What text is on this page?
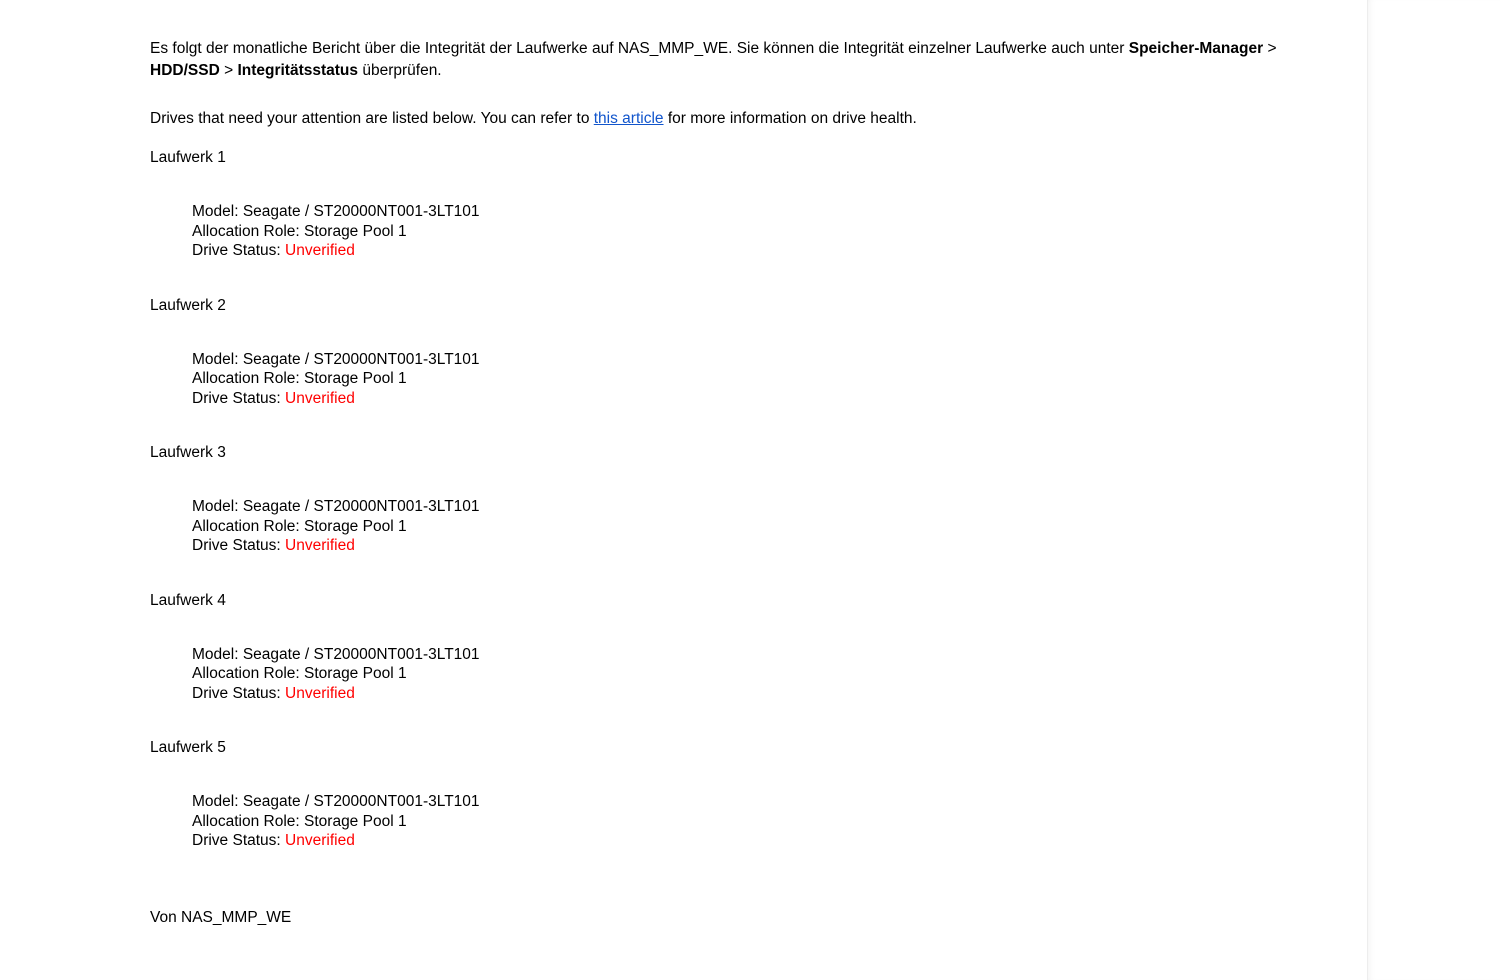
Es folgt der monatliche Bericht über die Integrität der Laufwerke auf NAS_MMP_WE. Sie können die Integrität einzelner Laufwerke auch unter Speicher-Manager > HDD/SSD > Integritätsstatus überprüfen.

Drives that need your attention are listed below. You can refer to this article for more information on drive health.

Laufwerk 1

Model: Seagate / ST20000NT001-3LT101
Allocation Role: Storage Pool 1
Drive Status: Unverified

Laufwerk 2

Model: Seagate / ST20000NT001-3LT101
Allocation Role: Storage Pool 1
Drive Status: Unverified

Laufwerk 3

Model: Seagate / ST20000NT001-3LT101
Allocation Role: Storage Pool 1
Drive Status: Unverified

Laufwerk 4

Model: Seagate / ST20000NT001-3LT101
Allocation Role: Storage Pool 1
Drive Status: Unverified

Laufwerk 5

Model: Seagate / ST20000NT001-3LT101
Allocation Role: Storage Pool 1
Drive Status: Unverified

Von NAS_MMP_WE
